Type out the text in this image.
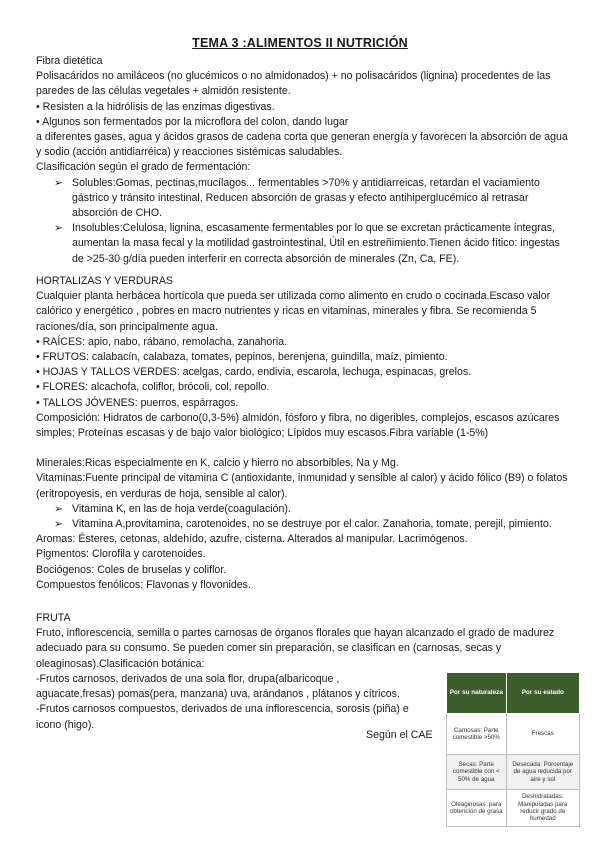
TEMA 3 :ALIMENTOS II NUTRICIÓN

Fibra dietética

Polisacáridos no amiláceos (no glucémicos o no almidonados) + no polisacáridos (lignina) procedentes de las paredes de las células vegetales + almidón resistente.

• Resisten a la hidrólisis de las enzimas digestivas.

• Algunos son fermentados por la microflora del colon, dando lugar

a diferentes gases, agua y ácidos grasos de cadena corta que generan energía y favorecen la absorción de agua y sodio (acción antidiarréica) y reacciones sistémicas saludables.

Clasificación según el grado de fermentación:

➢ Solubles:Gomas, pectinas,mucílagos... fermentables >70% y antidiarreicas, retardan el vaciamiento gástrico y tránsito intestinal, Reducen absorción de grasas y efecto antihiperglucémico al retrasar absorción de CHO.

➢ Insolubles:Celulosa, lignina, escasamente fermentables por lo que se excretan prácticamente íntegras, aumentan la masa fecal y la motilidad gastrointestinal, Útil en estreñimiento.Tienen ácido fítico: ingestas de >25-30 g/día pueden interferir en correcta absorción de minerales (Zn, Ca, FE).

HORTALIZAS Y VERDURAS

Cualquier planta herbácea hortícola que pueda ser utilizada como alimento en crudo o cocinada.Escaso valor calórico y energético , pobres en macro nutrientes y ricas en vitaminas, minerales y fibra. Se recomienda 5 raciones/día, son principalmente agua.

• RAÍCES: apio, nabo, rábano, remolacha, zanahoria.

• FRUTOS: calabacín, calabaza, tomates, pepinos, berenjena, guindilla, maíz, pimiento.

• HOJAS Y TALLOS VERDES: acelgas, cardo, endivia, escarola, lechuga, espinacas, grelos.

• FLORES: alcachofa, coliflor, brócoli, col, repollo.

• TALLOS JÓVENES: puerros, espárragos.

Composición: Hidratos de carbono(0,3-5%) almidón, fósforo y fibra, no digeribles, complejos, escasos azúcares simples; Proteínas escasas y de bajo valor biológico; Lípidos muy escasos.Fibra variable (1-5%)

Minerales:Ricas especialmente en K, calcio y hierro no absorbibles, Na y Mg.

Vitaminas:Fuente principal de vitamina C (antioxidante, inmunidad y sensible al calor) y ácido fólico (B9) o folatos (eritropoyesis, en verduras de hoja, sensible al calor).

➢ Vitamina K, en las de hoja verde(coagulación).

➢ Vitamina A,provitamina, carotenoides, no se destruye por el calor. Zanahoria, tomate, perejil, pimiento.

Aromas: Ésteres, cetonas, aldehído, azufre, cisterna. Alterados al manipular. Lacrimógenos.

Pigmentos: Clorofila y carotenoides.

Bociógenos: Coles de bruselas y coliflor.

Compuestos fenólicos: Flavonas y flovonides.

FRUTA

Fruto, inflorescencia, semilla o partes carnosas de órganos florales que hayan alcanzado el grado de madurez adecuado para su consumo. Se pueden comer sin preparación, se clasifican en (carnosas, secas y oleaginosas).Clasificación botánica:

-Frutos carnosos, derivados de una sola flor, drupa(albaricoque ,

aguacate,fresas) pomas(pera, manzana) uva, arándanos , plátanos y cítricos.

-Frutos carnosos compuestos, derivados de una inflorescencia, sorosis (piña) e

icono (higo).

Según el CAE
Por su naturaleza	Por su estado
Carnosas: Parte comestible >50%	Frescas
Secas: Parte comestible con < 50% de agua	Desecada: Porcentaje de agua reducida por aire y sol
Oleaginosas: para obtención de grasa	Deshidratadas: Manipuladas para reducir grado de humedad
